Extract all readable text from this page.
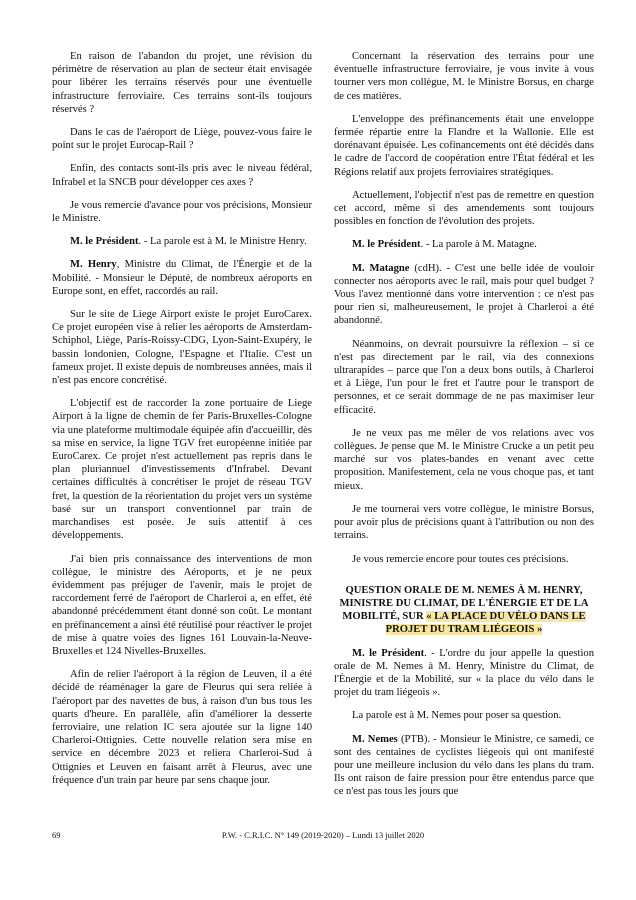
En raison de l'abandon du projet, une révision du périmètre de réservation au plan de secteur était envisagée pour libérer les terrains réservés pour une éventuelle infrastructure ferroviaire. Ces terrains sont-ils toujours réservés ?

Dans le cas de l'aéroport de Liège, pouvez-vous faire le point sur le projet Eurocap-Rail ?

Enfin, des contacts sont-ils pris avec le niveau fédéral, Infrabel et la SNCB pour développer ces axes ?

Je vous remercie d'avance pour vos précisions, Monsieur le Ministre.

M. le Président. - La parole est à M. le Ministre Henry.

M. Henry, Ministre du Climat, de l'Énergie et de la Mobilité. - Monsieur le Député, de nombreux aéroports en Europe sont, en effet, raccordés au rail.

Sur le site de Liege Airport existe le projet EuroCarex. Ce projet européen vise à relier les aéroports de Amsterdam-Schiphol, Liège, Paris-Roissy-CDG, Lyon-Saint-Exupéry, le bassin londonien, Cologne, l'Espagne et l'Italie. C'est un fameux projet. Il existe depuis de nombreuses années, mais il n'est pas encore concrétisé.

L'objectif est de raccorder la zone portuaire de Liege Airport à la ligne de chemin de fer Paris-Bruxelles-Cologne via une plateforme multimodale équipée afin d'accueillir, dès sa mise en service, la ligne TGV fret européenne initiée par EuroCarex. Ce projet n'est actuellement pas repris dans le plan pluriannuel d'investissements d'Infrabel. Devant certaines difficultés à concrétiser le projet de réseau TGV fret, la question de la réorientation du projet vers un système basé sur un transport conventionnel par train de marchandises est posée. Je suis attentif à ces développements.

J'ai bien pris connaissance des interventions de mon collègue, le ministre des Aéroports, et je ne peux évidemment pas préjuger de l'avenir, mais le projet de raccordement ferré de l'aéroport de Charleroi a, en effet, été abandonné précédemment étant donné son coût. Le montant en préfinancement a ainsi été réutilisé pour réactiver le projet de mise à quatre voies des lignes 161 Louvain-la-Neuve-Bruxelles et 124 Nivelles-Bruxelles.

Afin de relier l'aéroport à la région de Leuven, il a été décidé de réaménager la gare de Fleurus qui sera reliée à l'aéroport par des navettes de bus, à raison d'un bus tous les quarts d'heure. En parallèle, afin d'améliorer la desserte ferroviaire, une relation IC sera ajoutée sur la ligne 140 Charleroi-Ottignies. Cette nouvelle relation sera mise en service en décembre 2023 et reliera Charleroi-Sud à Ottignies et Leuven en faisant arrêt à Fleurus, avec une fréquence d'un train par heure par sens chaque jour.

Concernant la réservation des terrains pour une éventuelle infrastructure ferroviaire, je vous invite à vous tourner vers mon collègue, M. le Ministre Borsus, en charge de ces matières.

L'enveloppe des préfinancements était une enveloppe fermée répartie entre la Flandre et la Wallonie. Elle est dorénavant épuisée. Les cofinancements ont été décidés dans le cadre de l'accord de coopération entre l'État fédéral et les Régions relatif aux projets ferroviaires stratégiques.

Actuellement, l'objectif n'est pas de remettre en question cet accord, même si des amendements sont toujours possibles en fonction de l'évolution des projets.

M. le Président. - La parole à M. Matagne.

M. Matagne (cdH). - C'est une belle idée de vouloir connecter nos aéroports avec le rail, mais pour quel budget ? Vous l'avez mentionné dans votre intervention : ce n'est pas pour rien si, malheureusement, le projet à Charleroi a été abandonné.

Néanmoins, on devrait poursuivre la réflexion – si ce n'est pas directement par le rail, via des connexions ultrarapides – parce que l'on a deux bons outils, à Charleroi et à Liège, l'un pour le fret et l'autre pour le transport de personnes, et ce serait dommage de ne pas maximiser leur efficacité.

Je ne veux pas me mêler de vos relations avec vos collègues. Je pense que M. le Ministre Crucke a un petit peu marché sur vos plates-bandes en venant avec cette proposition. Manifestement, cela ne vous choque pas, et tant mieux.

Je me tournerai vers votre collègue, le ministre Borsus, pour avoir plus de précisions quant à l'attribution ou non des terrains.

Je vous remercie encore pour toutes ces précisions.

QUESTION ORALE DE M. NEMES À M. HENRY, MINISTRE DU CLIMAT, DE L'ÉNERGIE ET DE LA MOBILITÉ, SUR « LA PLACE DU VÉLO DANS LE PROJET DU TRAM LIÉGEOIS »

M. le Président. - L'ordre du jour appelle la question orale de M. Nemes à M. Henry, Ministre du Climat, de l'Énergie et de la Mobilité, sur « la place du vélo dans le projet du tram liégeois ».

La parole est à M. Nemes pour poser sa question.

M. Nemes (PTB). - Monsieur le Ministre, ce samedi, ce sont des centaines de cyclistes liégeois qui ont manifesté pour une meilleure inclusion du vélo dans les plans du tram. Ils ont raison de faire pression pour être entendus parce que ce n'est pas tous les jours que

69	P.W. - C.R.I.C. N° 149 (2019-2020) – Lundi 13 juillet 2020
